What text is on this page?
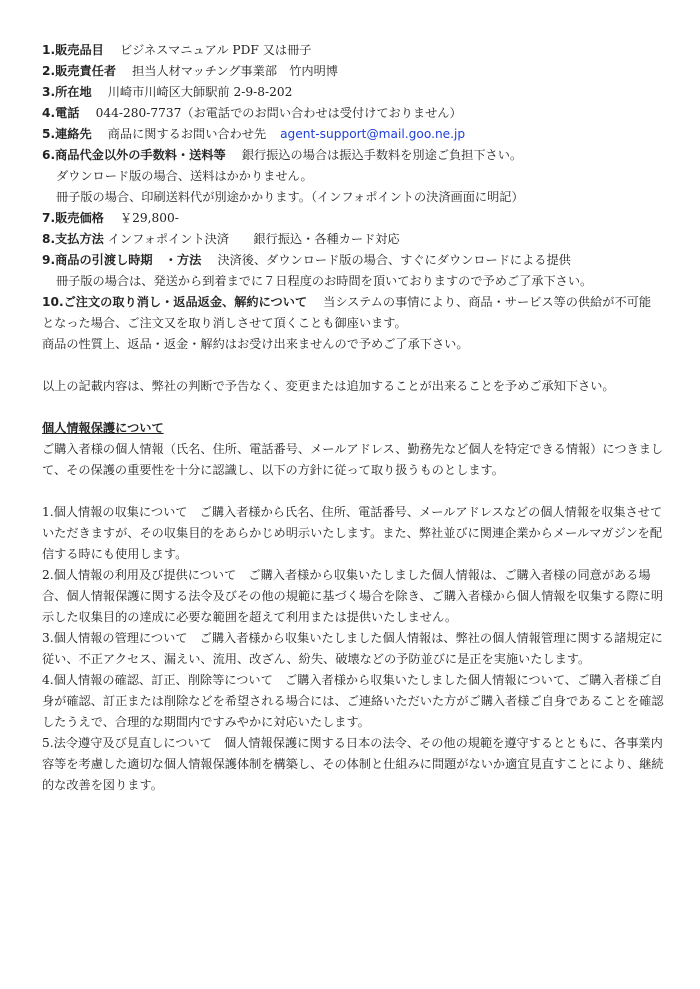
1.販売品目　 ビジネスマニュアル PDF 又は冊子
2.販売責任者　 担当人材マッチング事業部　竹内明博
3.所在地　 川崎市川崎区大師駅前 2-9-8-202
4.電話　 044-280-7737（お電話でのお問い合わせは受付けておりません）
5.連絡先　 商品に関するお問い合わせ先 agent-support@mail.goo.ne.jp
6.商品代金以外の手数料・送料等　 銀行振込の場合は振込手数料を別途ご負担下さい。
ダウンロード版の場合、送料はかかりません。
冊子版の場合、印刷送料代が別途かかります。（インフォポイントの決済画面に明記）
7.販売価格　 ￥29,800-
8.支払方法 インフォポイント決済　　銀行振込・各種カード対応
9.商品の引渡し時期　・方法　 決済後、ダウンロード版の場合、すぐにダウンロードによる提供
冊子版の場合は、発送から到着までに７日程度のお時間を頂いておりますので予めご了承下さい。
10.ご注文の取り消し・返品返金、解約について　 当システムの事情により、商品・サービス等の供給が不可能
となった場合、ご注文又を取り消しさせて頂くことも御座います。
商品の性質上、返品・返金・解約はお受け出来ませんので予めご了承下さい。
以上の記載内容は、弊社の判断で予告なく、変更または追加することが出来ることを予めご承知下さい。
個人情報保護について

ご購入者様の個人情報（氏名、住所、電話番号、メールアドレス、勤務先など個人を特定できる情報）につきまして、その保護の重要性を十分に認識し、以下の方針に従って取り扱うものとします。

1.個人情報の収集について　ご購入者様から氏名、住所、電話番号、メールアドレスなどの個人情報を収集させていただきますが、その収集目的をあらかじめ明示いたします。また、弊社並びに関連企業からメールマガジンを配信する時にも使用します。

2.個人情報の利用及び提供について　ご購入者様から収集いたしました個人情報は、ご購入者様の同意がある場合、個人情報保護に関する法令及びその他の規範に基づく場合を除き、ご購入者様から個人情報を収集する際に明示した収集目的の達成に必要な範囲を超えて利用または提供いたしません。

3.個人情報の管理について　ご購入者様から収集いたしました個人情報は、弊社の個人情報管理に関する諸規定に従い、不正アクセス、漏えい、流用、改ざん、紛失、破壊などの予防並びに是正を実施いたします。

4.個人情報の確認、訂正、削除等について　ご購入者様から収集いたしました個人情報について、ご購入者様ご自身が確認、訂正または削除などを希望される場合には、ご連絡いただいた方がご購入者様ご自身であることを確認したうえで、合理的な期間内ですみやかに対応いたします。

5.法令遵守及び見直しについて　個人情報保護に関する日本の法令、その他の規範を遵守するとともに、各事業内容等を考慮した適切な個人情報保護体制を構築し、その体制と仕組みに問題がないか適宜見直すことにより、継続的な改善を図ります。
